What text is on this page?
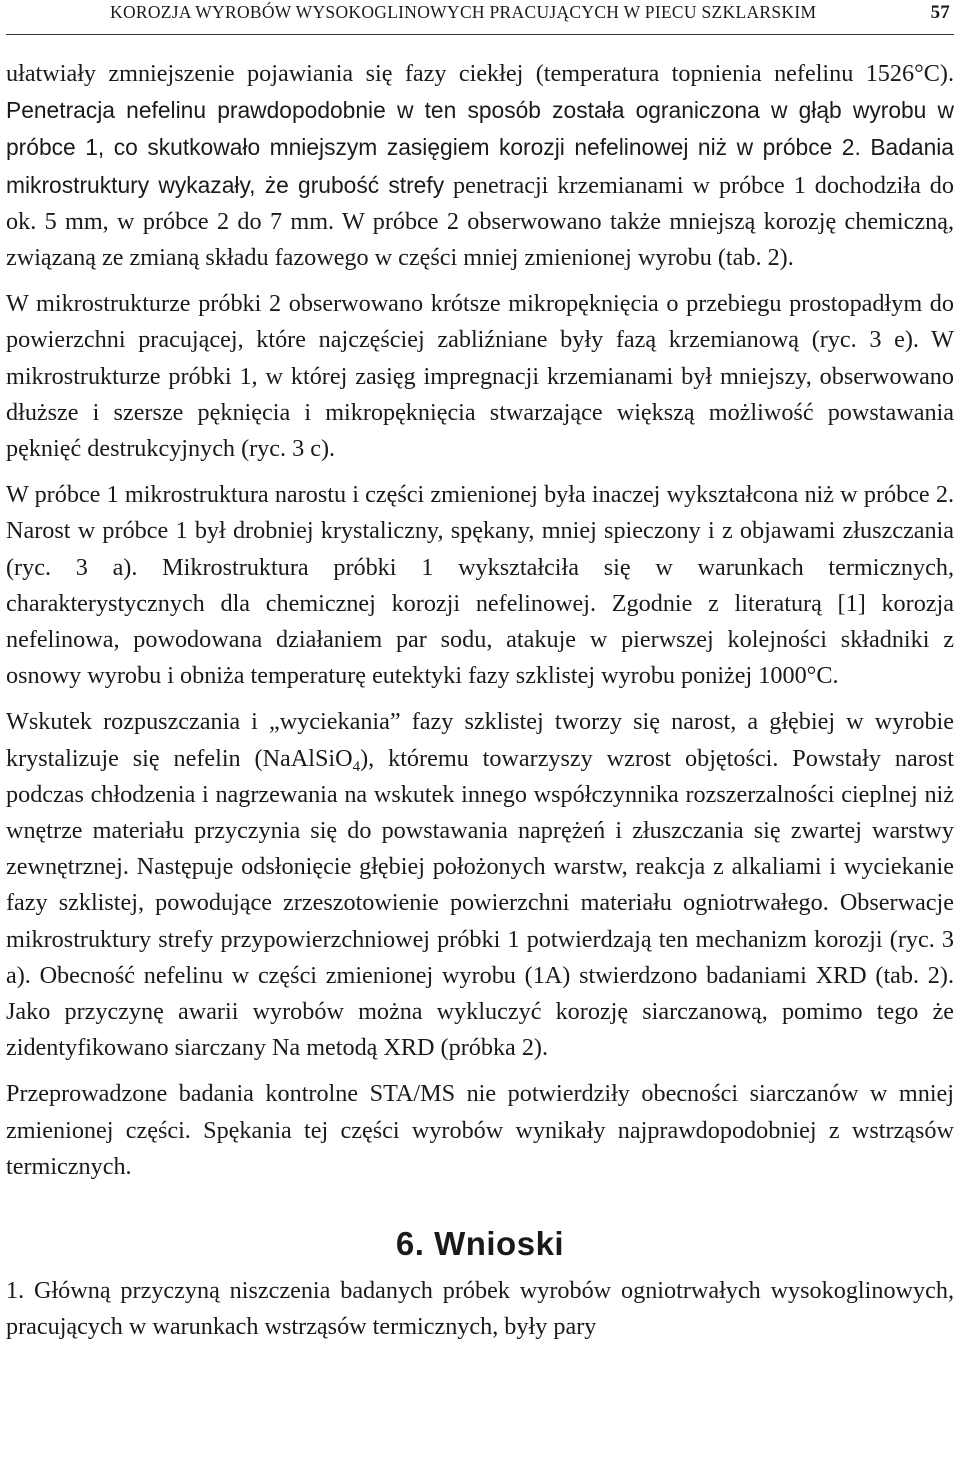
KOROZJA WYROBÓW WYSOKOGLINOWYCH PRACUJĄCYCH W PIECU SZKLARSKIM	57

ułatwiały zmniejszenie pojawiania się fazy ciekłej (temperatura topnienia nefelinu 1526°C). Penetracja nefelinu prawdopodobnie w ten sposób została ograniczona w głąb wyrobu w próbce 1, co skutkowało mniejszym zasięgiem korozji nefelinowej niż w próbce 2. Badania mikrostruktury wykazały, że grubość strefy penetracji krzemianami w próbce 1 dochodziła do ok. 5 mm, w próbce 2 do 7 mm. W próbce 2 obserwowano także mniejszą korozję chemiczną, związaną ze zmianą składu fazowego w części mniej zmienionej wyrobu (tab. 2).

W mikrostrukturze próbki 2 obserwowano krótsze mikropęknięcia o przebiegu prostopadłym do powierzchni pracującej, które najczęściej zabliźniane były fazą krzemianową (ryc. 3 e). W mikrostrukturze próbki 1, w której zasięg impregnacji krzemianami był mniejszy, obserwowano dłuższe i szersze pęknięcia i mikropęknięcia stwarzające większą możliwość powstawania pęknięć destrukcyjnych (ryc. 3 c).

W próbce 1 mikrostruktura narostu i części zmienionej była inaczej wykształcona niż w próbce 2. Narost w próbce 1 był drobniej krystaliczny, spękany, mniej spieczony i z objawami złuszczania (ryc. 3 a). Mikrostruktura próbki 1 wykształciła się w warunkach termicznych, charakterystycznych dla chemicznej korozji nefelinowej. Zgodnie z literaturą [1] korozja nefelinowa, powodowana działaniem par sodu, atakuje w pierwszej kolejności składniki z osnowy wyrobu i obniża temperaturę eutektyki fazy szklistej wyrobu poniżej 1000°C.

Wskutek rozpuszczania i „wyciekania” fazy szklistej tworzy się narost, a głębiej w wyrobie krystalizuje się nefelin (NaAlSiO$_4$), któremu towarzyszy wzrost objętości. Powstały narost podczas chłodzenia i nagrzewania na wskutek innego współczynnika rozszerzalności cieplnej niż wnętrze materiału przyczynia się do powstawania naprężeń i złuszczania się zwartej warstwy zewnętrznej. Następuje odsłonięcie głębiej położonych warstw, reakcja z alkaliami i wyciekanie fazy szklistej, powodujące zrzeszotowienie powierzchni materiału ogniotrwałego. Obserwacje mikrostruktury strefy przypowierzchniowej próbki 1 potwierdzają ten mechanizm korozji (ryc. 3 a). Obecność nefelinu w części zmienionej wyrobu (1A) stwierdzono badaniami XRD (tab. 2). Jako przyczynę awarii wyrobów można wykluczyć korozję siarczanową, pomimo tego że zidentyfikowano siarczany Na metodą XRD (próbka 2).

Przeprowadzone badania kontrolne STA/MS nie potwierdziły obecności siarczanów w mniej zmienionej części. Spękania tej części wyrobów wynikały najprawdopodobniej z wstrząsów termicznych.

6. Wnioski

1. Główną przyczyną niszczenia badanych próbek wyrobów ogniotrwałych wysokoglinowych, pracujących w warunkach wstrząsów termicznych, były pary
